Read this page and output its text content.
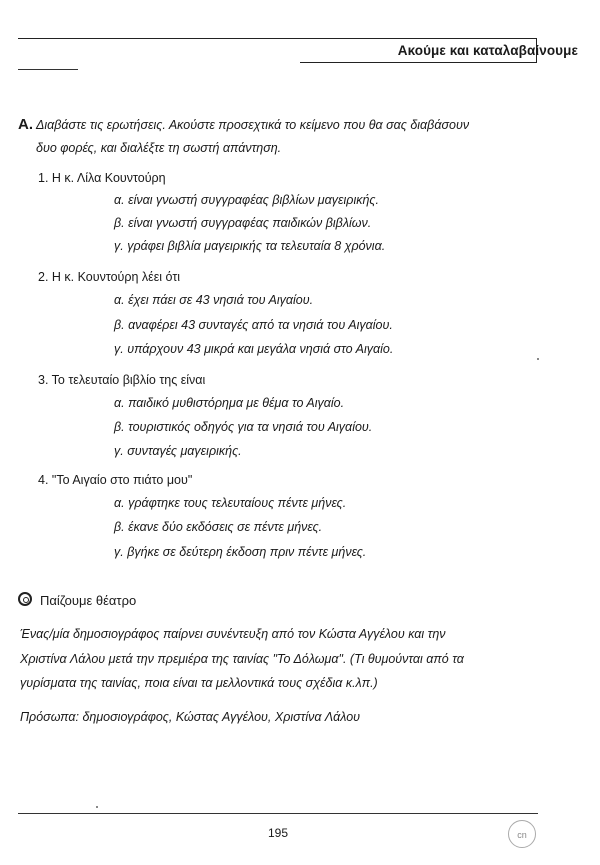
Ακούμε και καταλαβαίνουμε
Α. Διαβάστε τις ερωτήσεις. Ακούστε προσεχτικά το κείμενο που θα σας διαβάσουν
δυο φορές, και διαλέξτε τη σωστή απάντηση.
1. Η κ. Λίλα Κουντούρη
α. είναι γνωστή συγγραφέας βιβλίων μαγειρικής.
β. είναι γνωστή συγγραφέας παιδικών βιβλίων.
γ. γράφει βιβλία μαγειρικής τα τελευταία 8 χρόνια.
2. Η κ. Κουντούρη λέει ότι
α. έχει πάει σε 43 νησιά του Αιγαίου.
β. αναφέρει 43 συνταγές από τα νησιά του Αιγαίου.
γ. υπάρχουν 43 μικρά και μεγάλα νησιά στο Αιγαίο.
3. Το τελευταίο βιβλίο της είναι
α. παιδικό μυθιστόρημα με θέμα το Αιγαίο.
β. τουριστικός οδηγός για τα νησιά του Αιγαίου.
γ. συνταγές μαγειρικής.
4. "Το Αιγαίο στο πιάτο μου"
α. γράφτηκε τους τελευταίους πέντε μήνες.
β. έκανε δύο εκδόσεις σε πέντε μήνες.
γ. βγήκε σε δεύτερη έκδοση πριν πέντε μήνες.
Παίζουμε θέατρο
Ένας/μία δημοσιογράφος παίρνει συνέντευξη από τον Κώστα Αγγέλου και την
Χριστίνα Λάλου μετά την πρεμιέρα της ταινίας "Το Δόλωμα". (Τι θυμούνται από τα
γυρίσματα της ταινίας, ποια είναι τα μελλοντικά τους σχέδια κ.λπ.)
Πρόσωπα: δημοσιογράφος, Κώστας Αγγέλου, Χριστίνα Λάλου
195	cn
